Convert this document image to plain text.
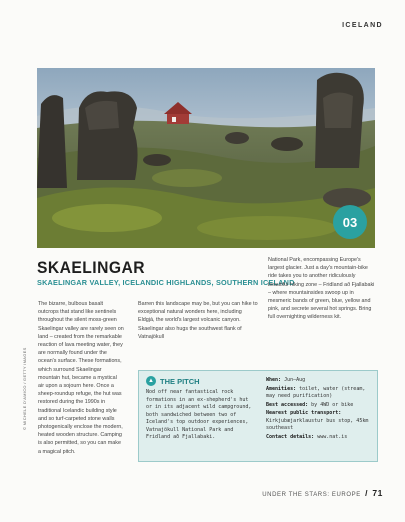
ICELAND
03
SKAELINGAR
SKAELINGAR VALLEY, ICELANDIC HIGHLANDS, SOUTHERN ICELAND
The bizarre, bulbous basalt outcrops that stand like sentinels throughout the silent moss-green Skaelingar valley are rarely seen on land – created from the remarkable reaction of lava meeting water, they are normally found under the ocean's surface. These formations, which surround Skaelingar mountain hut, became a mystical air upon a sojourn here. Once a sheep-roundup refuge, the hut was restored during the 1990s in traditional Icelandic building style and so turf-carpeted stone walls photogenically enclose the modern, heated wooden structure. Camping is also permitted, so you can make a magical pitch.
Barren this landscape may be, but you can hike to exceptional natural wonders here, including Eldgjá, the world's largest volcanic canyon. Skaelingar also hugs the southwest flank of Vatnajökull
National Park, encompassing Europe's largest glacier. Just a day's mountain-bike ride takes you to another ridiculously beautiful hiking zone – Fridland að Fjallabaki – where mountainsides swoop up in mesmeric bands of green, blue, yellow and pink, and secrete several hot springs. Bring full overnighting wilderness kit.
© MICHELE D'AMICO / GETTY IMAGES	▲ THE PITCH
Nod off near fantastical rock formations in an ex-shepherd's hut or in its adjacent wild campground, both sandwiched between two of Iceland's top outdoor experiences, Vatnajökull National Park and Fridland að Fjallabaki.
When: Jun–Aug
Amenities: toilet, water (stream, may need purification)
Best accessed: by 4WD or bike
Nearest public transport: Kirkjubæjarklaustur bus stop, 45km southeast
Contact details: www.nat.is
UNDER THE STARS: EUROPE / 71
